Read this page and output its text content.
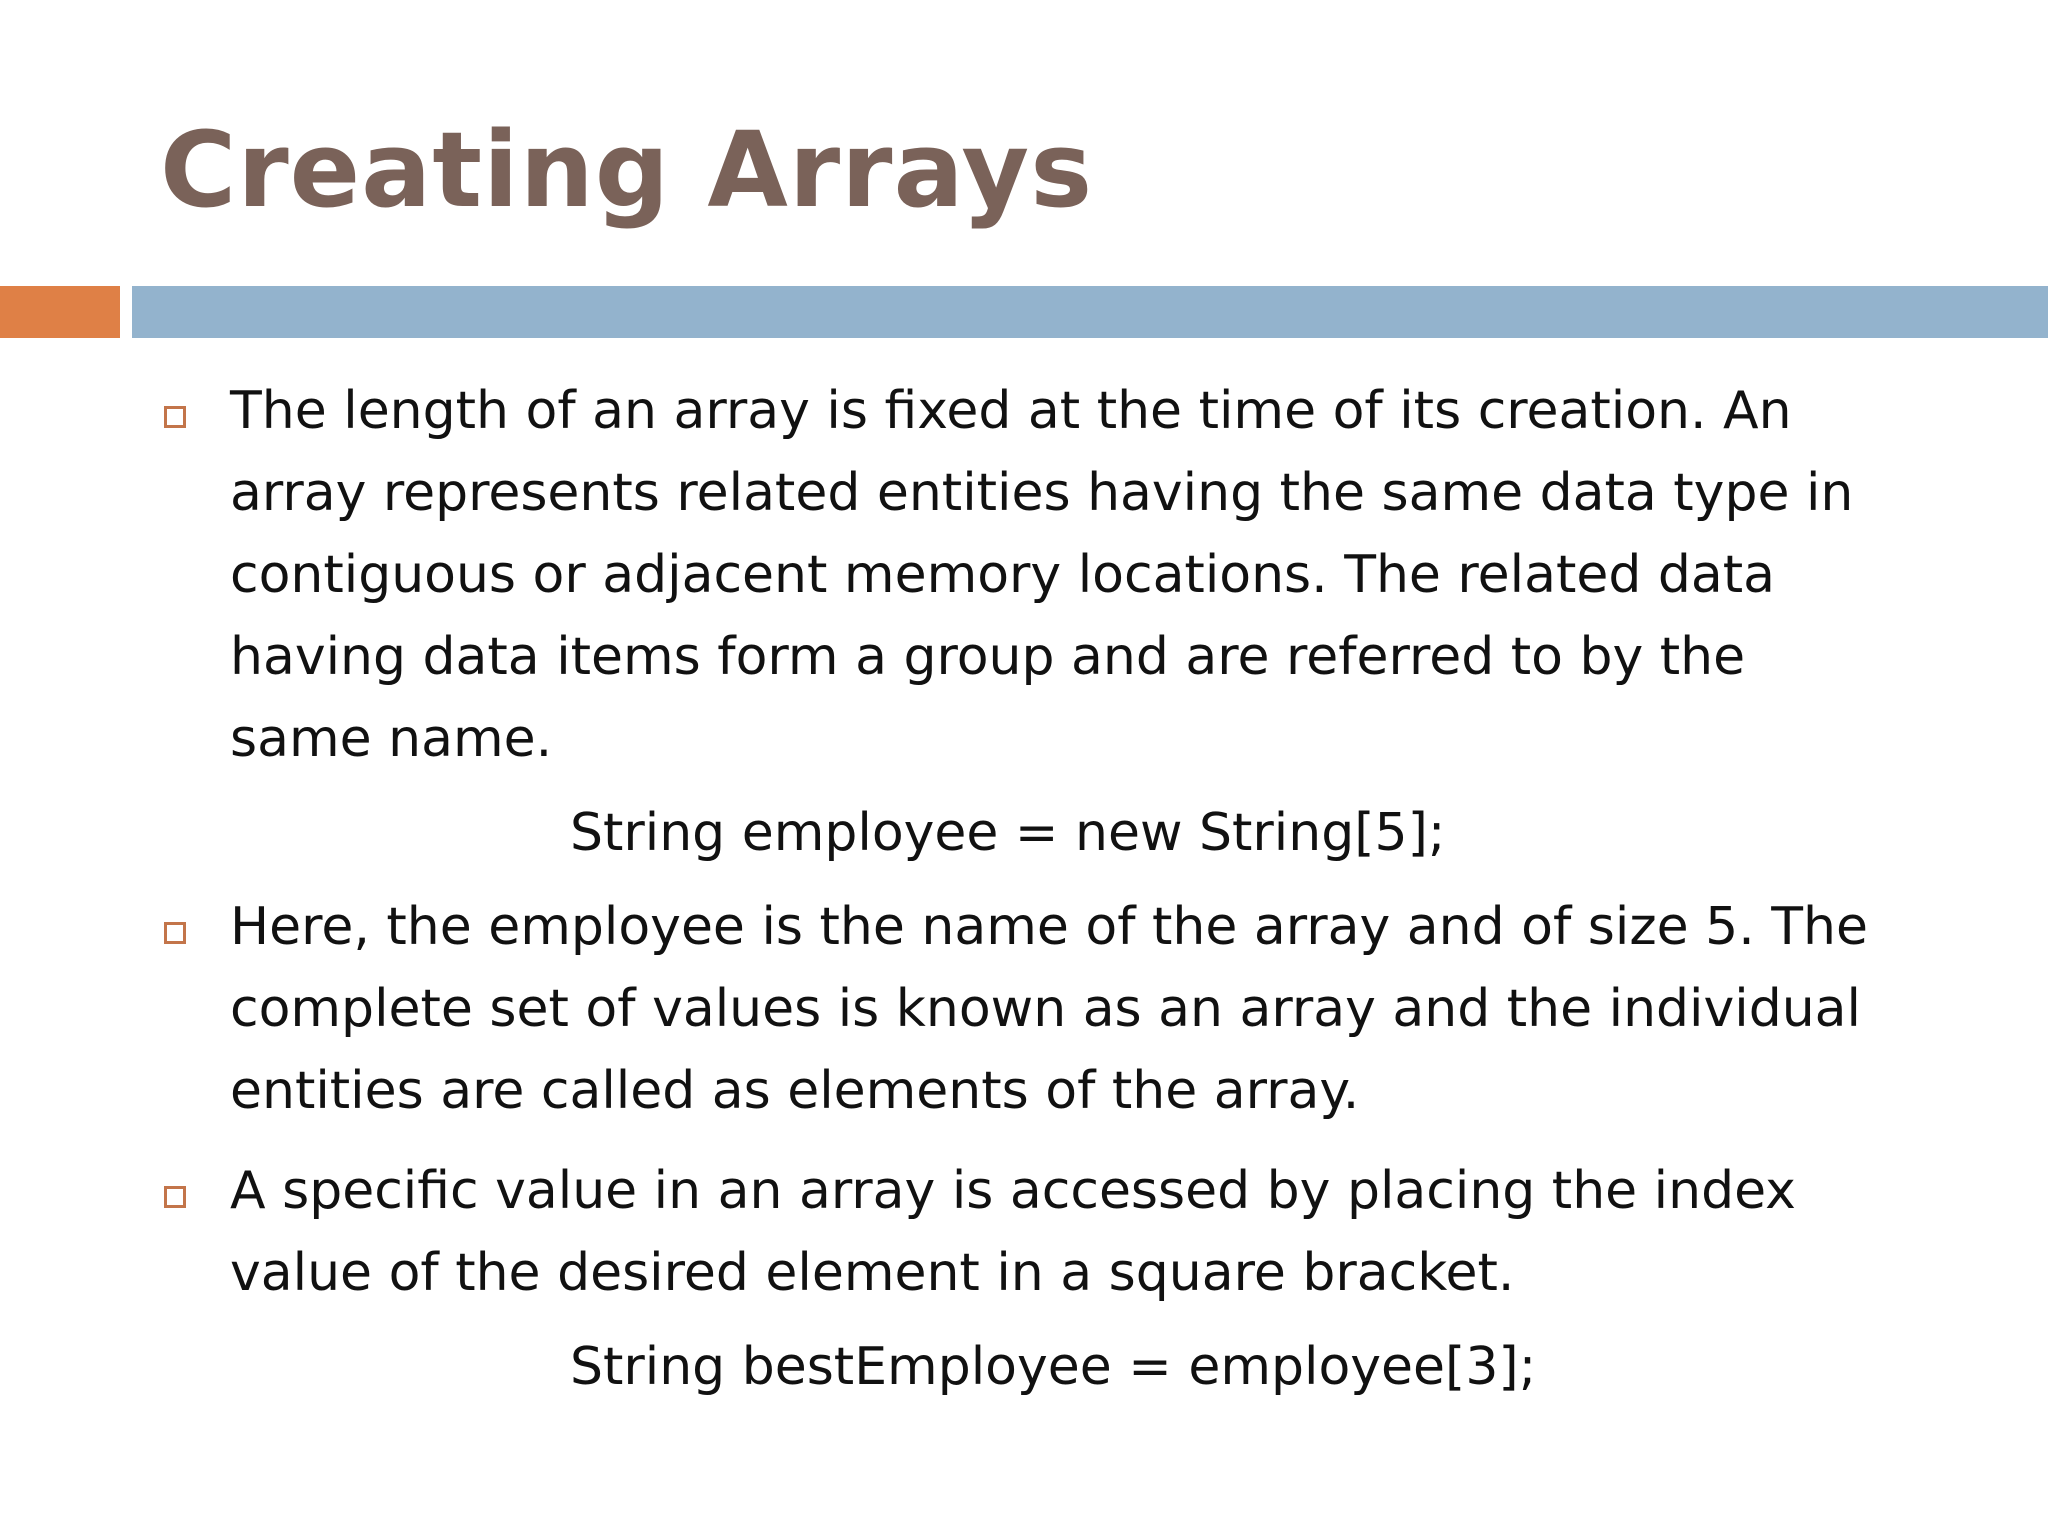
Creating Arrays

The length of an array is fixed at the time of its creation. An
array represents related entities having the same data type in
contiguous or adjacent memory locations. The related data
having data items form a group and are referred to by the
same name.

String employee = new String[5];

Here, the employee is the name of the array and of size 5. The
complete set of values is known as an array and the individual
entities are called as elements of the array.

A specific value in an array is accessed by placing the index
value of the desired element in a square bracket.

String bestEmployee = employee[3];
